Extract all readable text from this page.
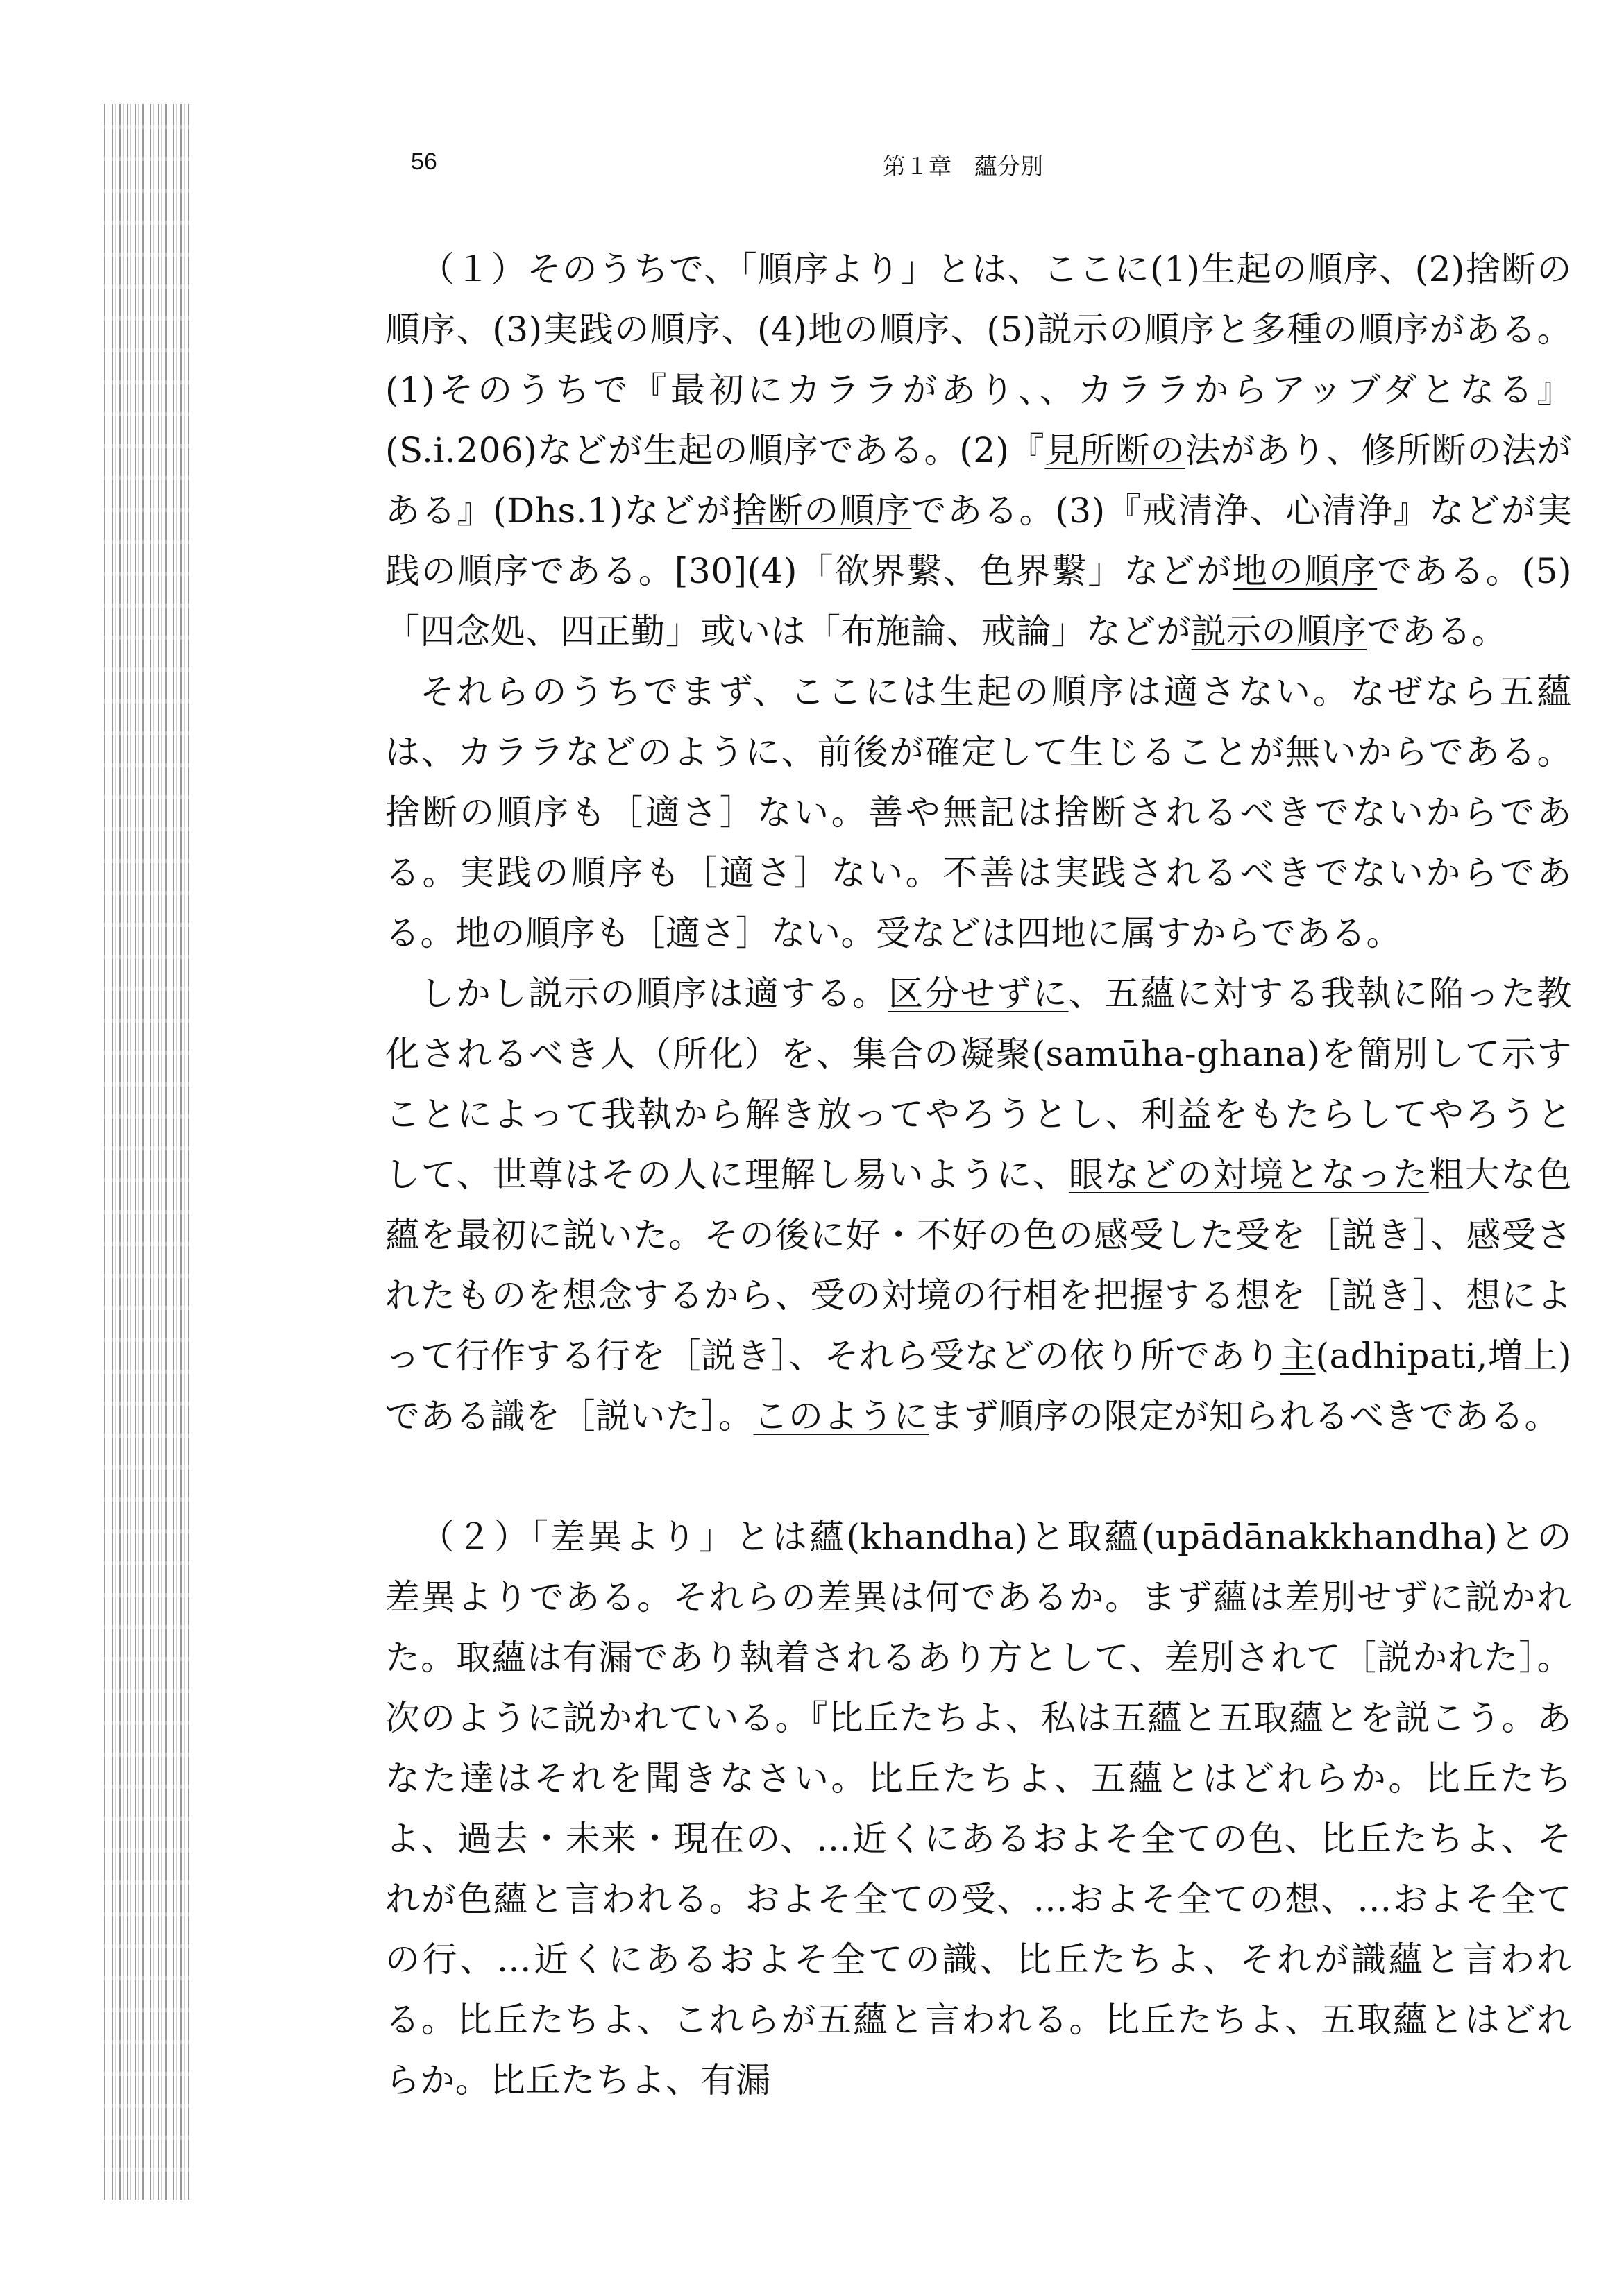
56	第１章　蘊分別

（１）そのうちで、「順序より」とは、ここに(1)生起の順序、(2)捨断の順序、(3)実践の順序、(4)地の順序、(5)説示の順序と多種の順序がある。(1)そのうちで『最初にカララがあり、、カララからアッブダとなる』(S.i.206)などが生起の順序である。(2)『見所断の法があり、修所断の法がある』(Dhs.1)などが捨断の順序である。(3)『戒清浄、心清浄』などが実践の順序である。[30](4)「欲界繫、色界繫」などが地の順序である。(5)「四念処、四正勤」或いは「布施論、戒論」などが説示の順序である。

それらのうちでまず、ここには生起の順序は適さない。なぜなら五蘊は、カララなどのように、前後が確定して生じることが無いからである。捨断の順序も［適さ］ない。善や無記は捨断されるべきでないからである。実践の順序も［適さ］ない。不善は実践されるべきでないからである。地の順序も［適さ］ない。受などは四地に属すからである。

しかし説示の順序は適する。区分せずに、五蘊に対する我執に陥った教化されるべき人（所化）を、集合の凝聚(samūha-ghana)を簡別して示すことによって我執から解き放ってやろうとし、利益をもたらしてやろうとして、世尊はその人に理解し易いように、眼などの対境となった粗大な色蘊を最初に説いた。その後に好・不好の色の感受した受を［説き］、感受されたものを想念するから、受の対境の行相を把握する想を［説き］、想によって行作する行を［説き］、それら受などの依り所であり主(adhipati,増上)である識を［説いた］。このようにまず順序の限定が知られるべきである。

（２）「差異より」とは蘊(khandha)と取蘊(upādānakkhandha)との差異よりである。それらの差異は何であるか。まず蘊は差別せずに説かれた。取蘊は有漏であり執着されるあり方として、差別されて［説かれた］。次のように説かれている。『比丘たちよ、私は五蘊と五取蘊とを説こう。あなた達はそれを聞きなさい。比丘たちよ、五蘊とはどれらか。比丘たちよ、過去・未来・現在の、…近くにあるおよそ全ての色、比丘たちよ、それが色蘊と言われる。およそ全ての受、…およそ全ての想、…およそ全ての行、…近くにあるおよそ全ての識、比丘たちよ、それが識蘊と言われる。比丘たちよ、これらが五蘊と言われる。比丘たちよ、五取蘊とはどれらか。比丘たちよ、有漏
